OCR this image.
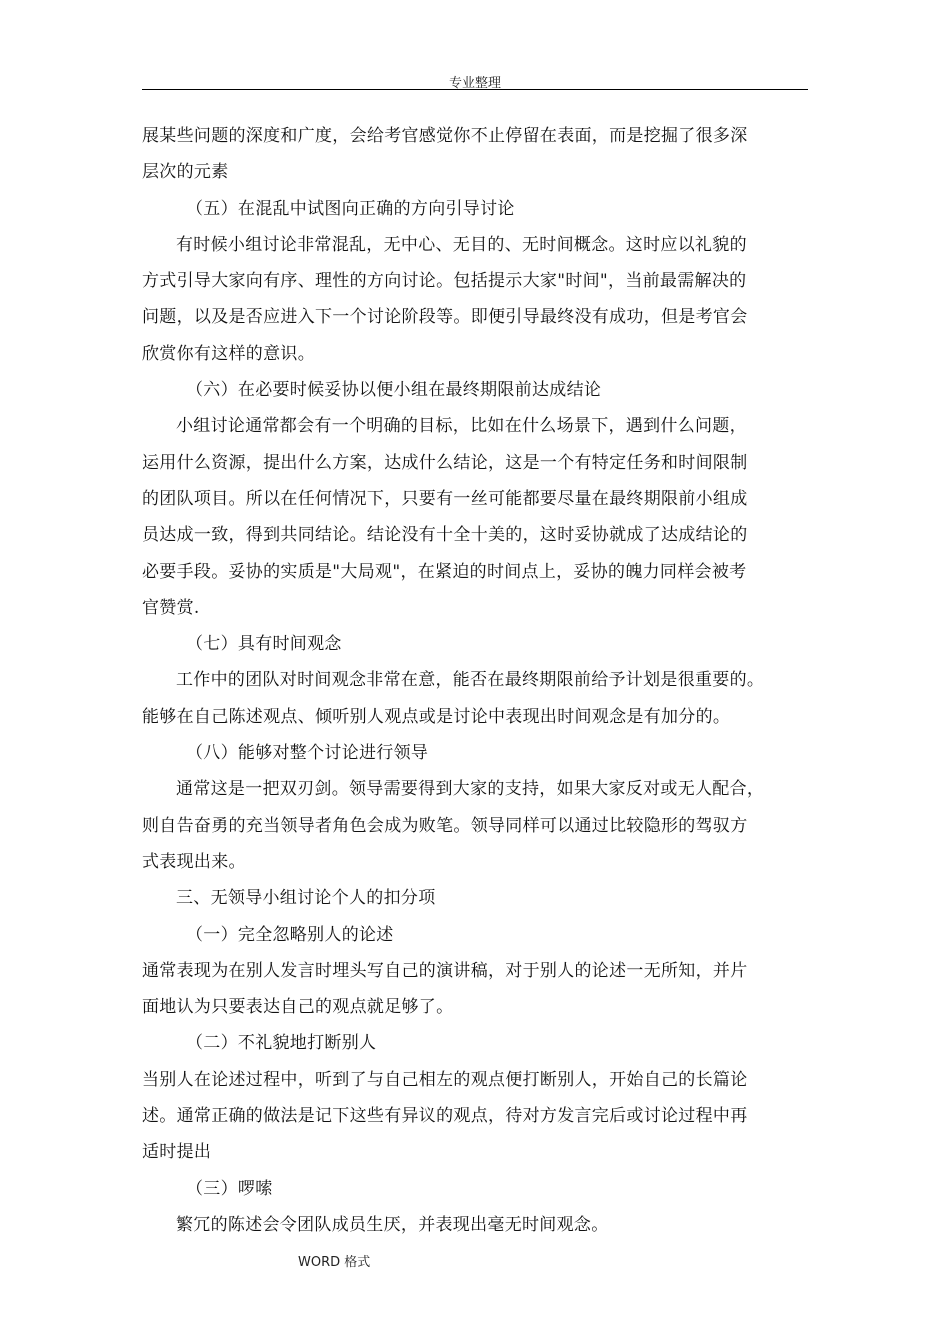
专业整理

展某些问题的深度和广度，会给考官感觉你不止停留在表面，而是挖掘了很多深

层次的元素

（五）在混乱中试图向正确的方向引导讨论

有时候小组讨论非常混乱，无中心、无目的、无时间概念。这时应以礼貌的

方式引导大家向有序、理性的方向讨论。包括提示大家"时间"，当前最需解决的

问题，以及是否应进入下一个讨论阶段等。即便引导最终没有成功，但是考官会

欣赏你有这样的意识。

（六）在必要时候妥协以便小组在最终期限前达成结论

小组讨论通常都会有一个明确的目标，比如在什么场景下，遇到什么问题，

运用什么资源，提出什么方案，达成什么结论，这是一个有特定任务和时间限制

的团队项目。所以在任何情况下，只要有一丝可能都要尽量在最终期限前小组成

员达成一致，得到共同结论。结论没有十全十美的，这时妥协就成了达成结论的

必要手段。妥协的实质是"大局观"，在紧迫的时间点上，妥协的魄力同样会被考

官赞赏.

（七）具有时间观念

工作中的团队对时间观念非常在意，能否在最终期限前给予计划是很重要的。

能够在自己陈述观点、倾听别人观点或是讨论中表现出时间观念是有加分的。

（八）能够对整个讨论进行领导

通常这是一把双刃剑。领导需要得到大家的支持，如果大家反对或无人配合，

则自告奋勇的充当领导者角色会成为败笔。领导同样可以通过比较隐形的驾驭方

式表现出来。

三、无领导小组讨论个人的扣分项

（一）完全忽略别人的论述

通常表现为在别人发言时埋头写自己的演讲稿，对于别人的论述一无所知，并片

面地认为只要表达自己的观点就足够了。

（二）不礼貌地打断别人

当别人在论述过程中，听到了与自己相左的观点便打断别人，开始自己的长篇论

述。通常正确的做法是记下这些有异议的观点，待对方发言完后或讨论过程中再

适时提出

（三）啰嗦

繁冗的陈述会令团队成员生厌，并表现出毫无时间观念。

WORD 格式
